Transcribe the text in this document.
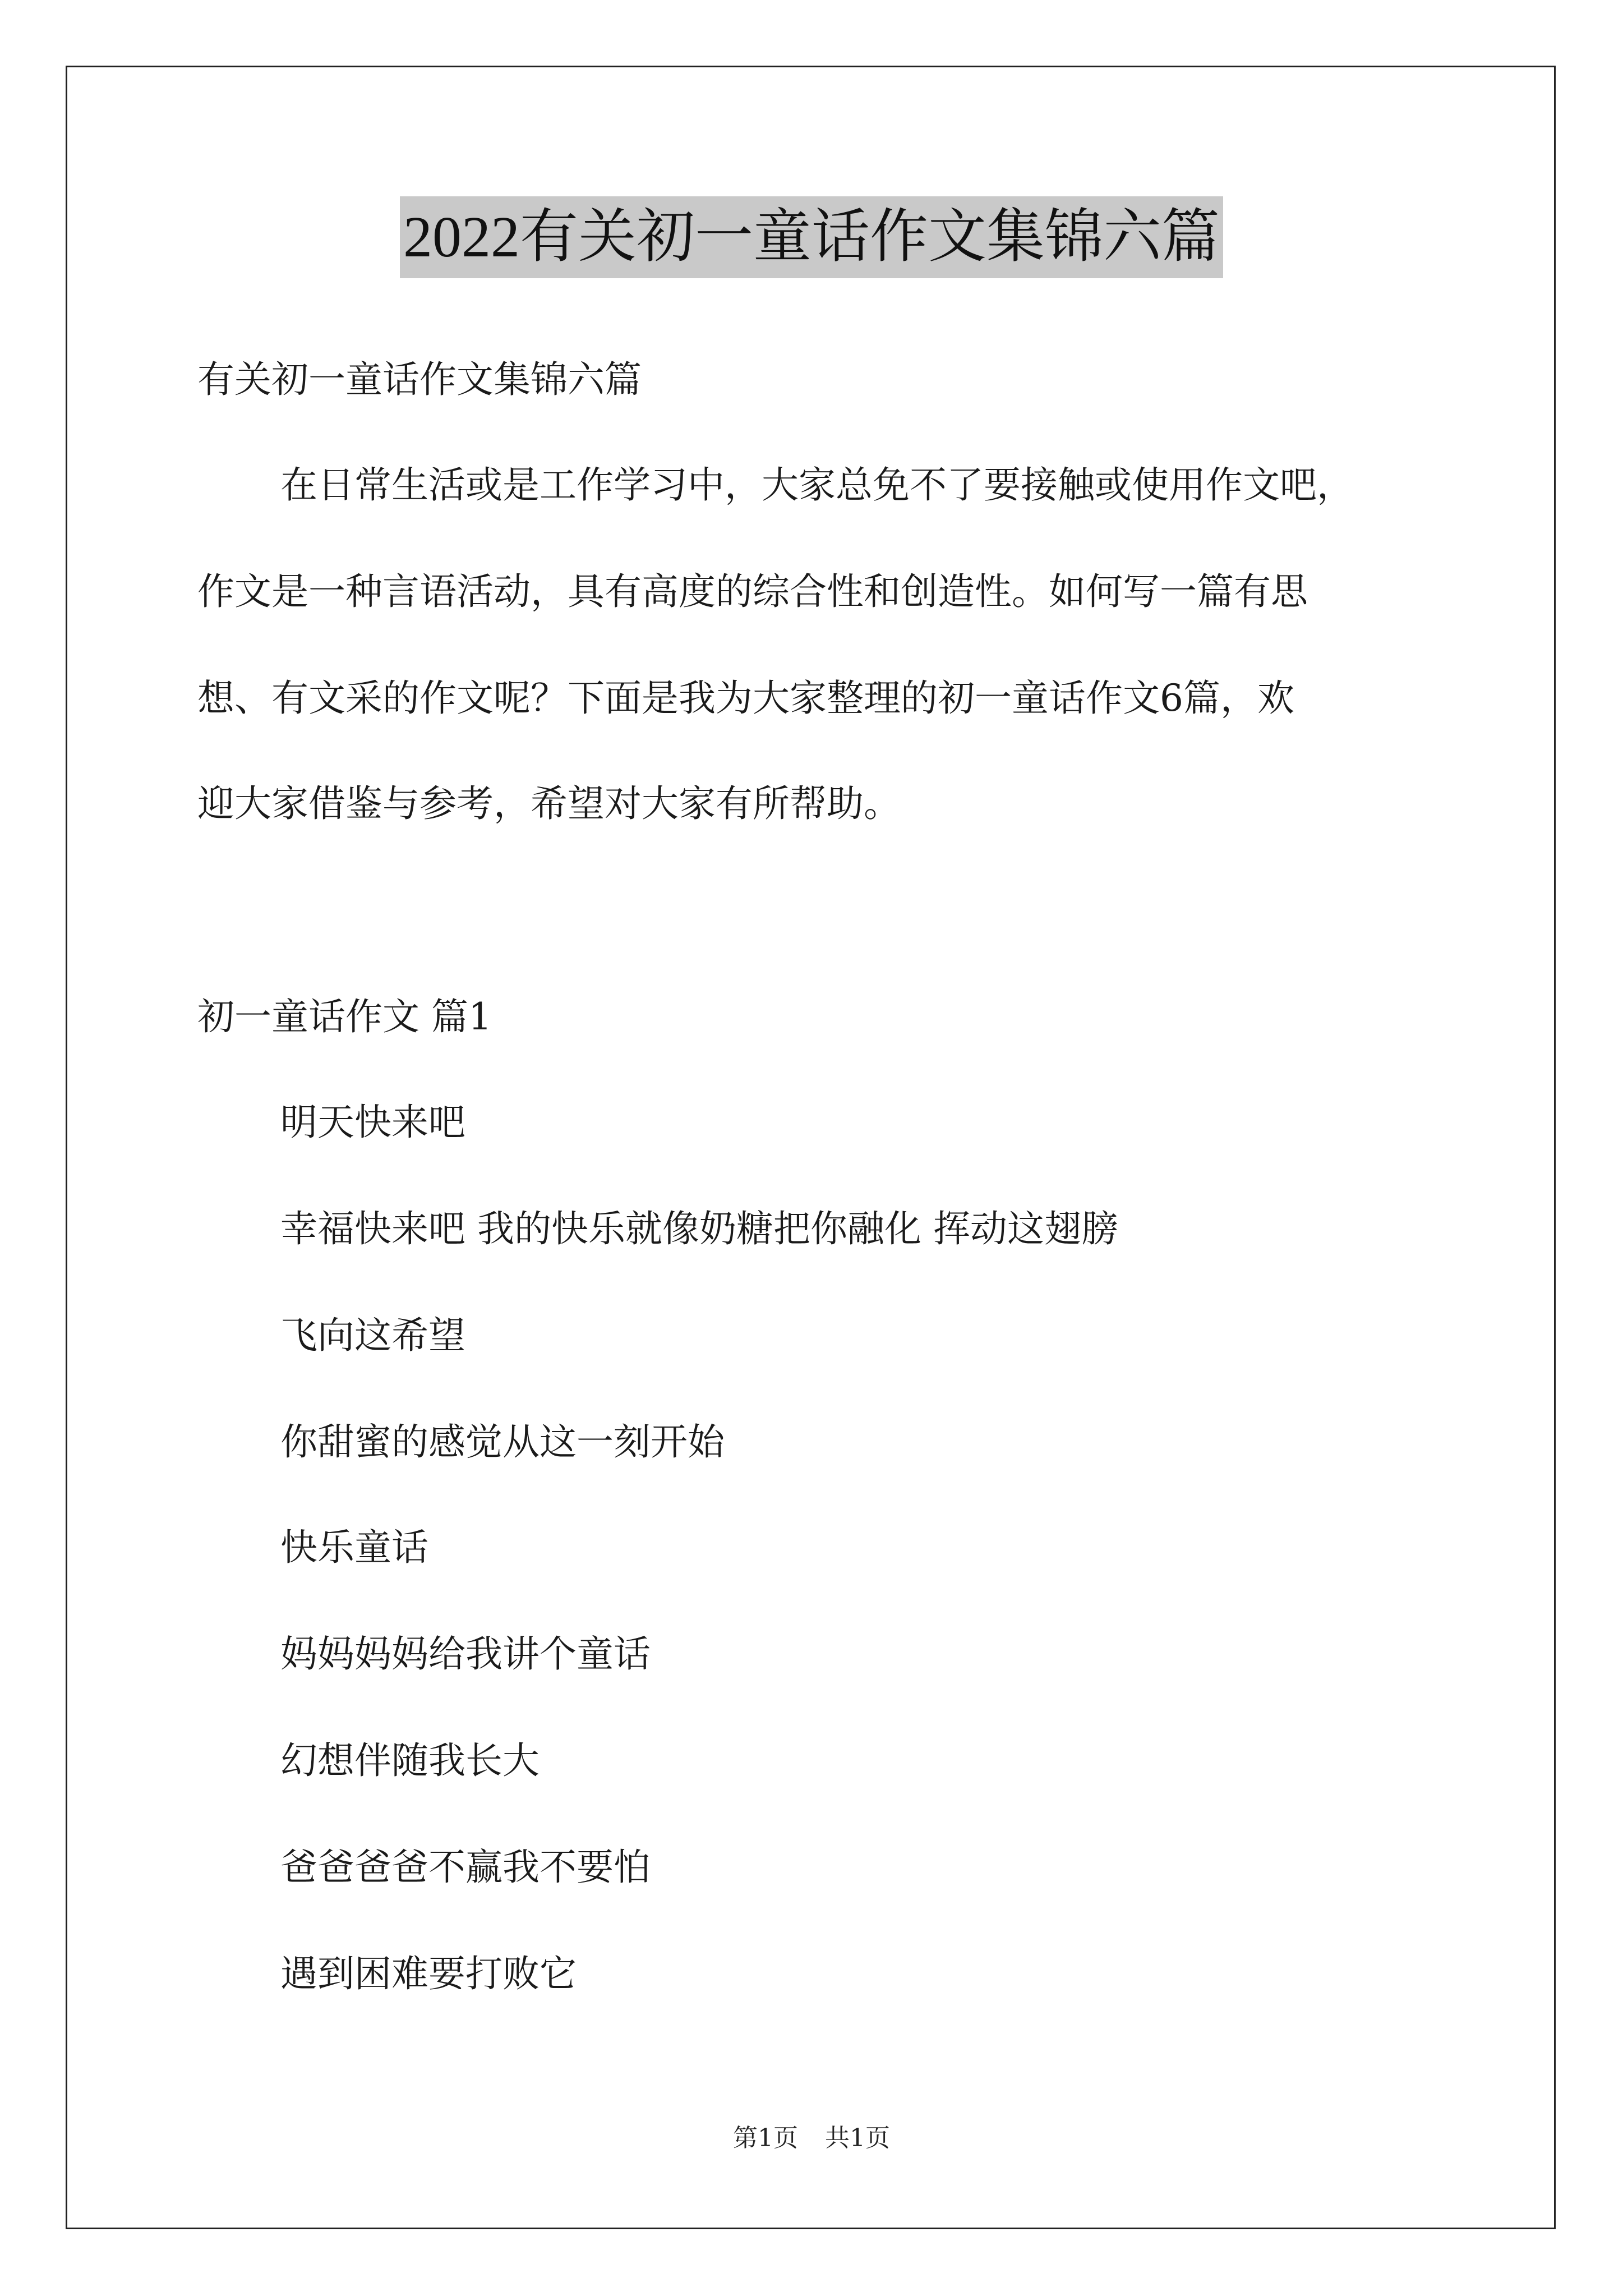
2022有关初一童话作文集锦六篇
有关初一童话作文集锦六篇
在日常生活或是工作学习中，大家总免不了要接触或使用作文吧，
作文是一种言语活动，具有高度的综合性和创造性。如何写一篇有思
想、有文采的作文呢？下面是我为大家整理的初一童话作文6篇，欢
迎大家借鉴与参考，希望对大家有所帮助。
初一童话作文 篇1
明天快来吧
幸福快来吧 我的快乐就像奶糖把你融化 挥动这翅膀
飞向这希望
你甜蜜的感觉从这一刻开始
快乐童话
妈妈妈妈给我讲个童话
幻想伴随我长大
爸爸爸爸不赢我不要怕
遇到困难要打败它
第1页 共1页
